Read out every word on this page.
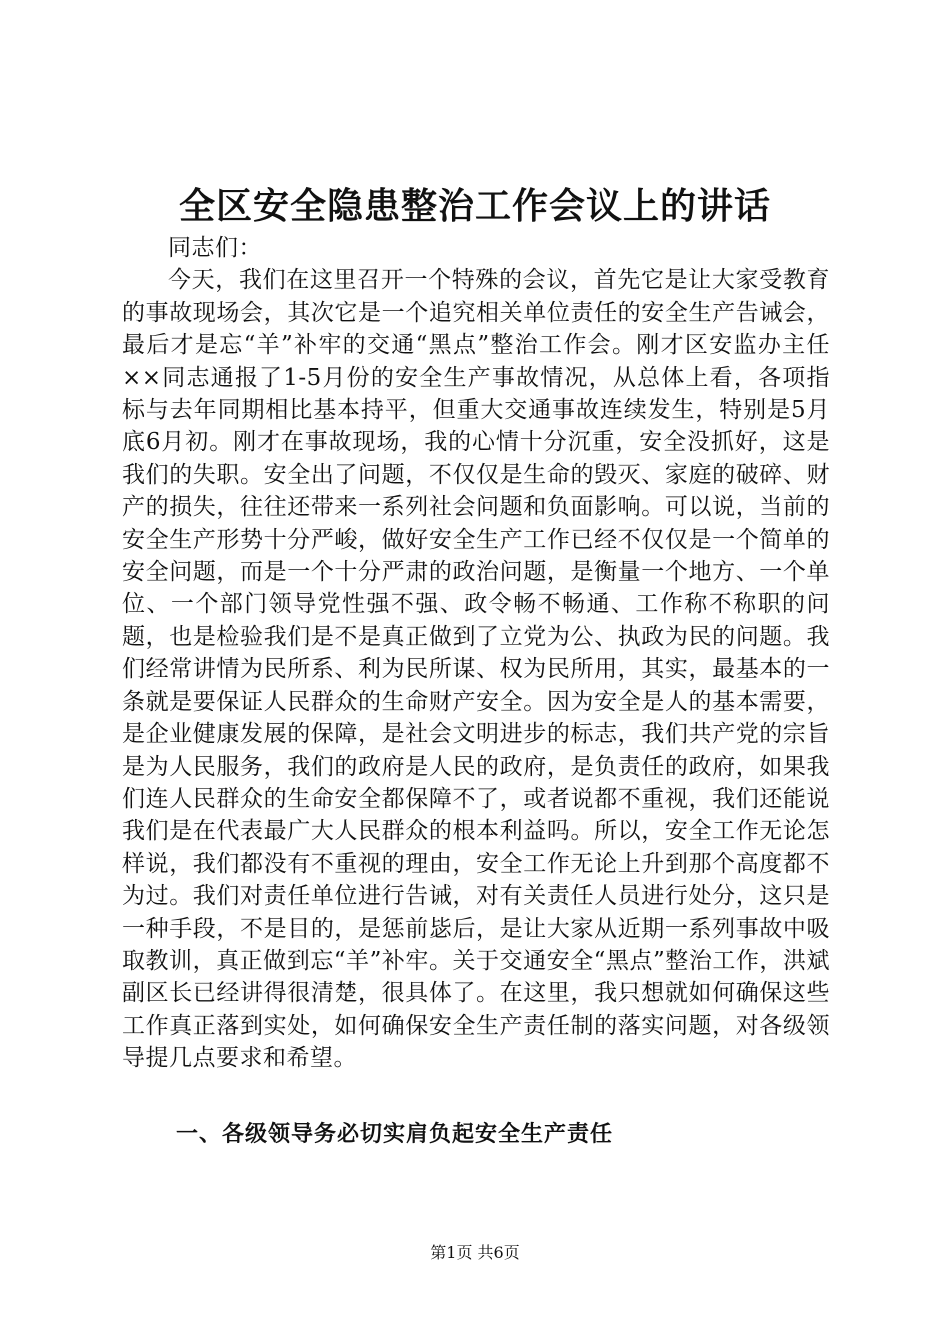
全区安全隐患整治工作会议上的讲话

同志们：

今天，我们在这里召开一个特殊的会议，首先它是让大家受教育的事故现场会，其次它是一个追究相关单位责任的安全生产告诫会，最后才是忘“羊”补牢的交通“黑点”整治工作会。刚才区安监办主任××同志通报了1-5月份的安全生产事故情况，从总体上看，各项指标与去年同期相比基本持平，但重大交通事故连续发生，特别是5月底6月初。刚才在事故现场，我的心情十分沉重，安全没抓好，这是我们的失职。安全出了问题，不仅仅是生命的毁灭、家庭的破碎、财产的损失，往往还带来一系列社会问题和负面影响。可以说，当前的安全生产形势十分严峻，做好安全生产工作已经不仅仅是一个简单的安全问题，而是一个十分严肃的政治问题，是衡量一个地方、一个单位、一个部门领导党性强不强、政令畅不畅通、工作称不称职的问题，也是检验我们是不是真正做到了立党为公、执政为民的问题。我们经常讲情为民所系、利为民所谋、权为民所用，其实，最基本的一条就是要保证人民群众的生命财产安全。因为安全是人的基本需要，是企业健康发展的保障，是社会文明进步的标志，我们共产党的宗旨是为人民服务，我们的政府是人民的政府，是负责任的政府，如果我们连人民群众的生命安全都保障不了，或者说都不重视，我们还能说我们是在代表最广大人民群众的根本利益吗。所以，安全工作无论怎样说，我们都没有不重视的理由，安全工作无论上升到那个高度都不为过。我们对责任单位进行告诫，对有关责任人员进行处分，这只是一种手段，不是目的，是惩前毖后，是让大家从近期一系列事故中吸取教训，真正做到忘“羊”补牢。关于交通安全“黑点”整治工作，洪斌副区长已经讲得很清楚，很具体了。在这里，我只想就如何确保这些工作真正落到实处，如何确保安全生产责任制的落实问题，对各级领导提几点要求和希望。

一、各级领导务必切实肩负起安全生产责任
第1页 共6页
